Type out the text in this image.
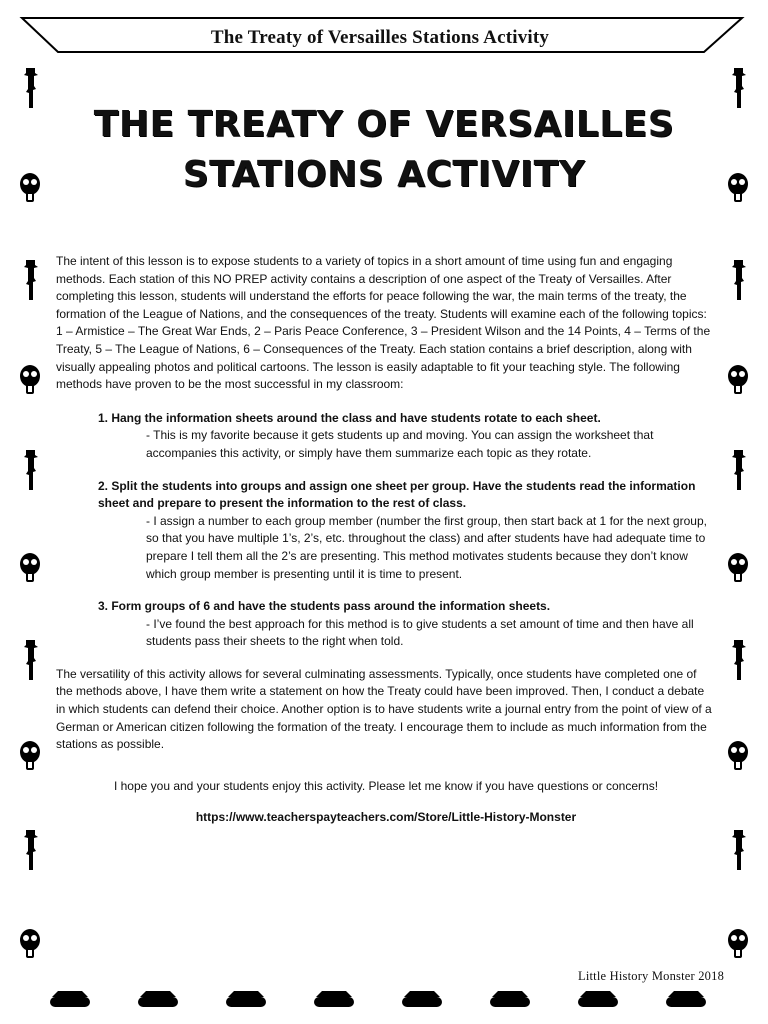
The Treaty of Versailles Stations Activity
THE TREATY OF VERSAILLES
STATIONS ACTIVITY

The intent of this lesson is to expose students to a variety of topics in a short amount of time using fun and engaging methods. Each station of this NO PREP activity contains a description of one aspect of the Treaty of Versailles. After completing this lesson, students will understand the efforts for peace following the war, the main terms of the treaty, the formation of the League of Nations, and the consequences of the treaty. Students will examine each of the following topics: 1 – Armistice – The Great War Ends, 2 – Paris Peace Conference, 3 – President Wilson and the 14 Points, 4 – Terms of the Treaty, 5 – The League of Nations, 6 – Consequences of the Treaty. Each station contains a brief description, along with visually appealing photos and political cartoons. The lesson is easily adaptable to fit your teaching style. The following methods have proven to be the most successful in my classroom:

1. Hang the information sheets around the class and have students rotate to each sheet.

- This is my favorite because it gets students up and moving. You can assign the worksheet that accompanies this activity, or simply have them summarize each topic as they rotate.

2. Split the students into groups and assign one sheet per group. Have the students read the information sheet and prepare to present the information to the rest of class.

- I assign a number to each group member (number the first group, then start back at 1 for the next group, so that you have multiple 1’s, 2’s, etc. throughout the class) and after students have had adequate time to prepare I tell them all the 2’s are presenting. This method motivates students because they don’t know which group member is presenting until it is time to present.

3. Form groups of 6 and have the students pass around the information sheets.

- I’ve found the best approach for this method is to give students a set amount of time and then have all students pass their sheets to the right when told.

The versatility of this activity allows for several culminating assessments. Typically, once students have completed one of the methods above, I have them write a statement on how the Treaty could have been improved. Then, I conduct a debate in which students can defend their choice. Another option is to have students write a journal entry from the point of view of a German or American citizen following the formation of the treaty. I encourage them to include as much information from the stations as possible.

I hope you and your students enjoy this activity. Please let me know if you have questions or concerns!

https://www.teacherspayteachers.com/Store/Little-History-Monster

Little History Monster 2018
